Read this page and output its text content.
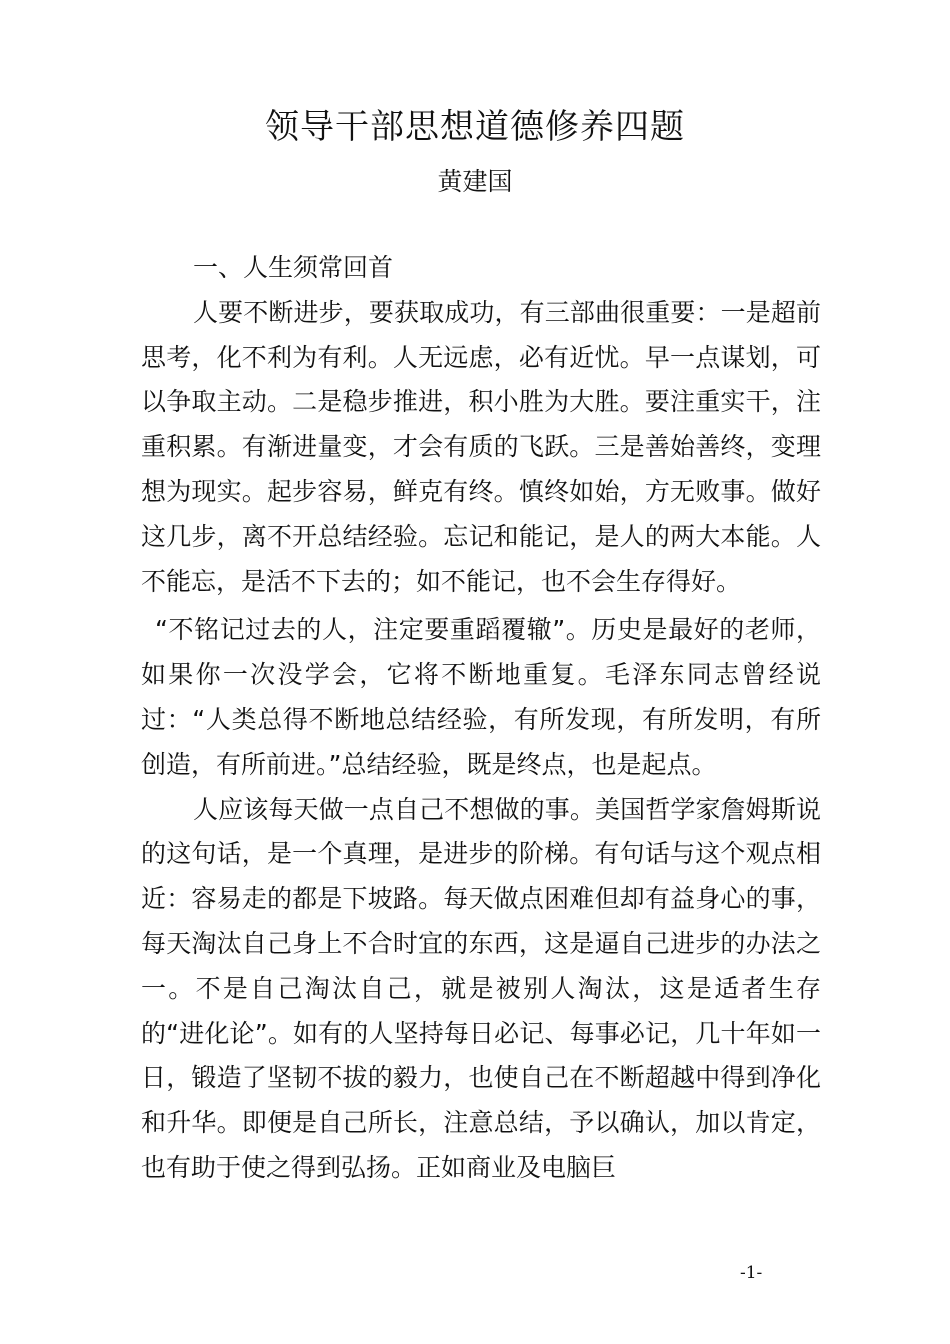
领导干部思想道德修养四题
黄建国

一、人生须常回首

人要不断进步，要获取成功，有三部曲很重要：一是超前思考，化不利为有利。人无远虑，必有近忧。早一点谋划，可以争取主动。二是稳步推进，积小胜为大胜。要注重实干，注重积累。有渐进量变，才会有质的飞跃。三是善始善终，变理想为现实。起步容易，鲜克有终。慎终如始，方无败事。做好这几步，离不开总结经验。忘记和能记，是人的两大本能。人不能忘，是活不下去的；如不能记，也不会生存得好。

“不铭记过去的人，注定要重蹈覆辙”。历史是最好的老师，如果你一次没学会，它将不断地重复。毛泽东同志曾经说过：“人类总得不断地总结经验，有所发现，有所发明，有所创造，有所前进。”总结经验，既是终点，也是起点。

人应该每天做一点自己不想做的事。美国哲学家詹姆斯说的这句话，是一个真理，是进步的阶梯。有句话与这个观点相近：容易走的都是下坡路。每天做点困难但却有益身心的事，每天淘汰自己身上不合时宜的东西，这是逼自己进步的办法之一。不是自己淘汰自己，就是被别人淘汰，这是适者生存的“进化论”。如有的人坚持每日必记、每事必记，几十年如一日，锻造了坚韧不拔的毅力，也使自己在不断超越中得到净化和升华。即便是自己所长，注意总结，予以确认，加以肯定，也有助于使之得到弘扬。正如商业及电脑巨

-1-
